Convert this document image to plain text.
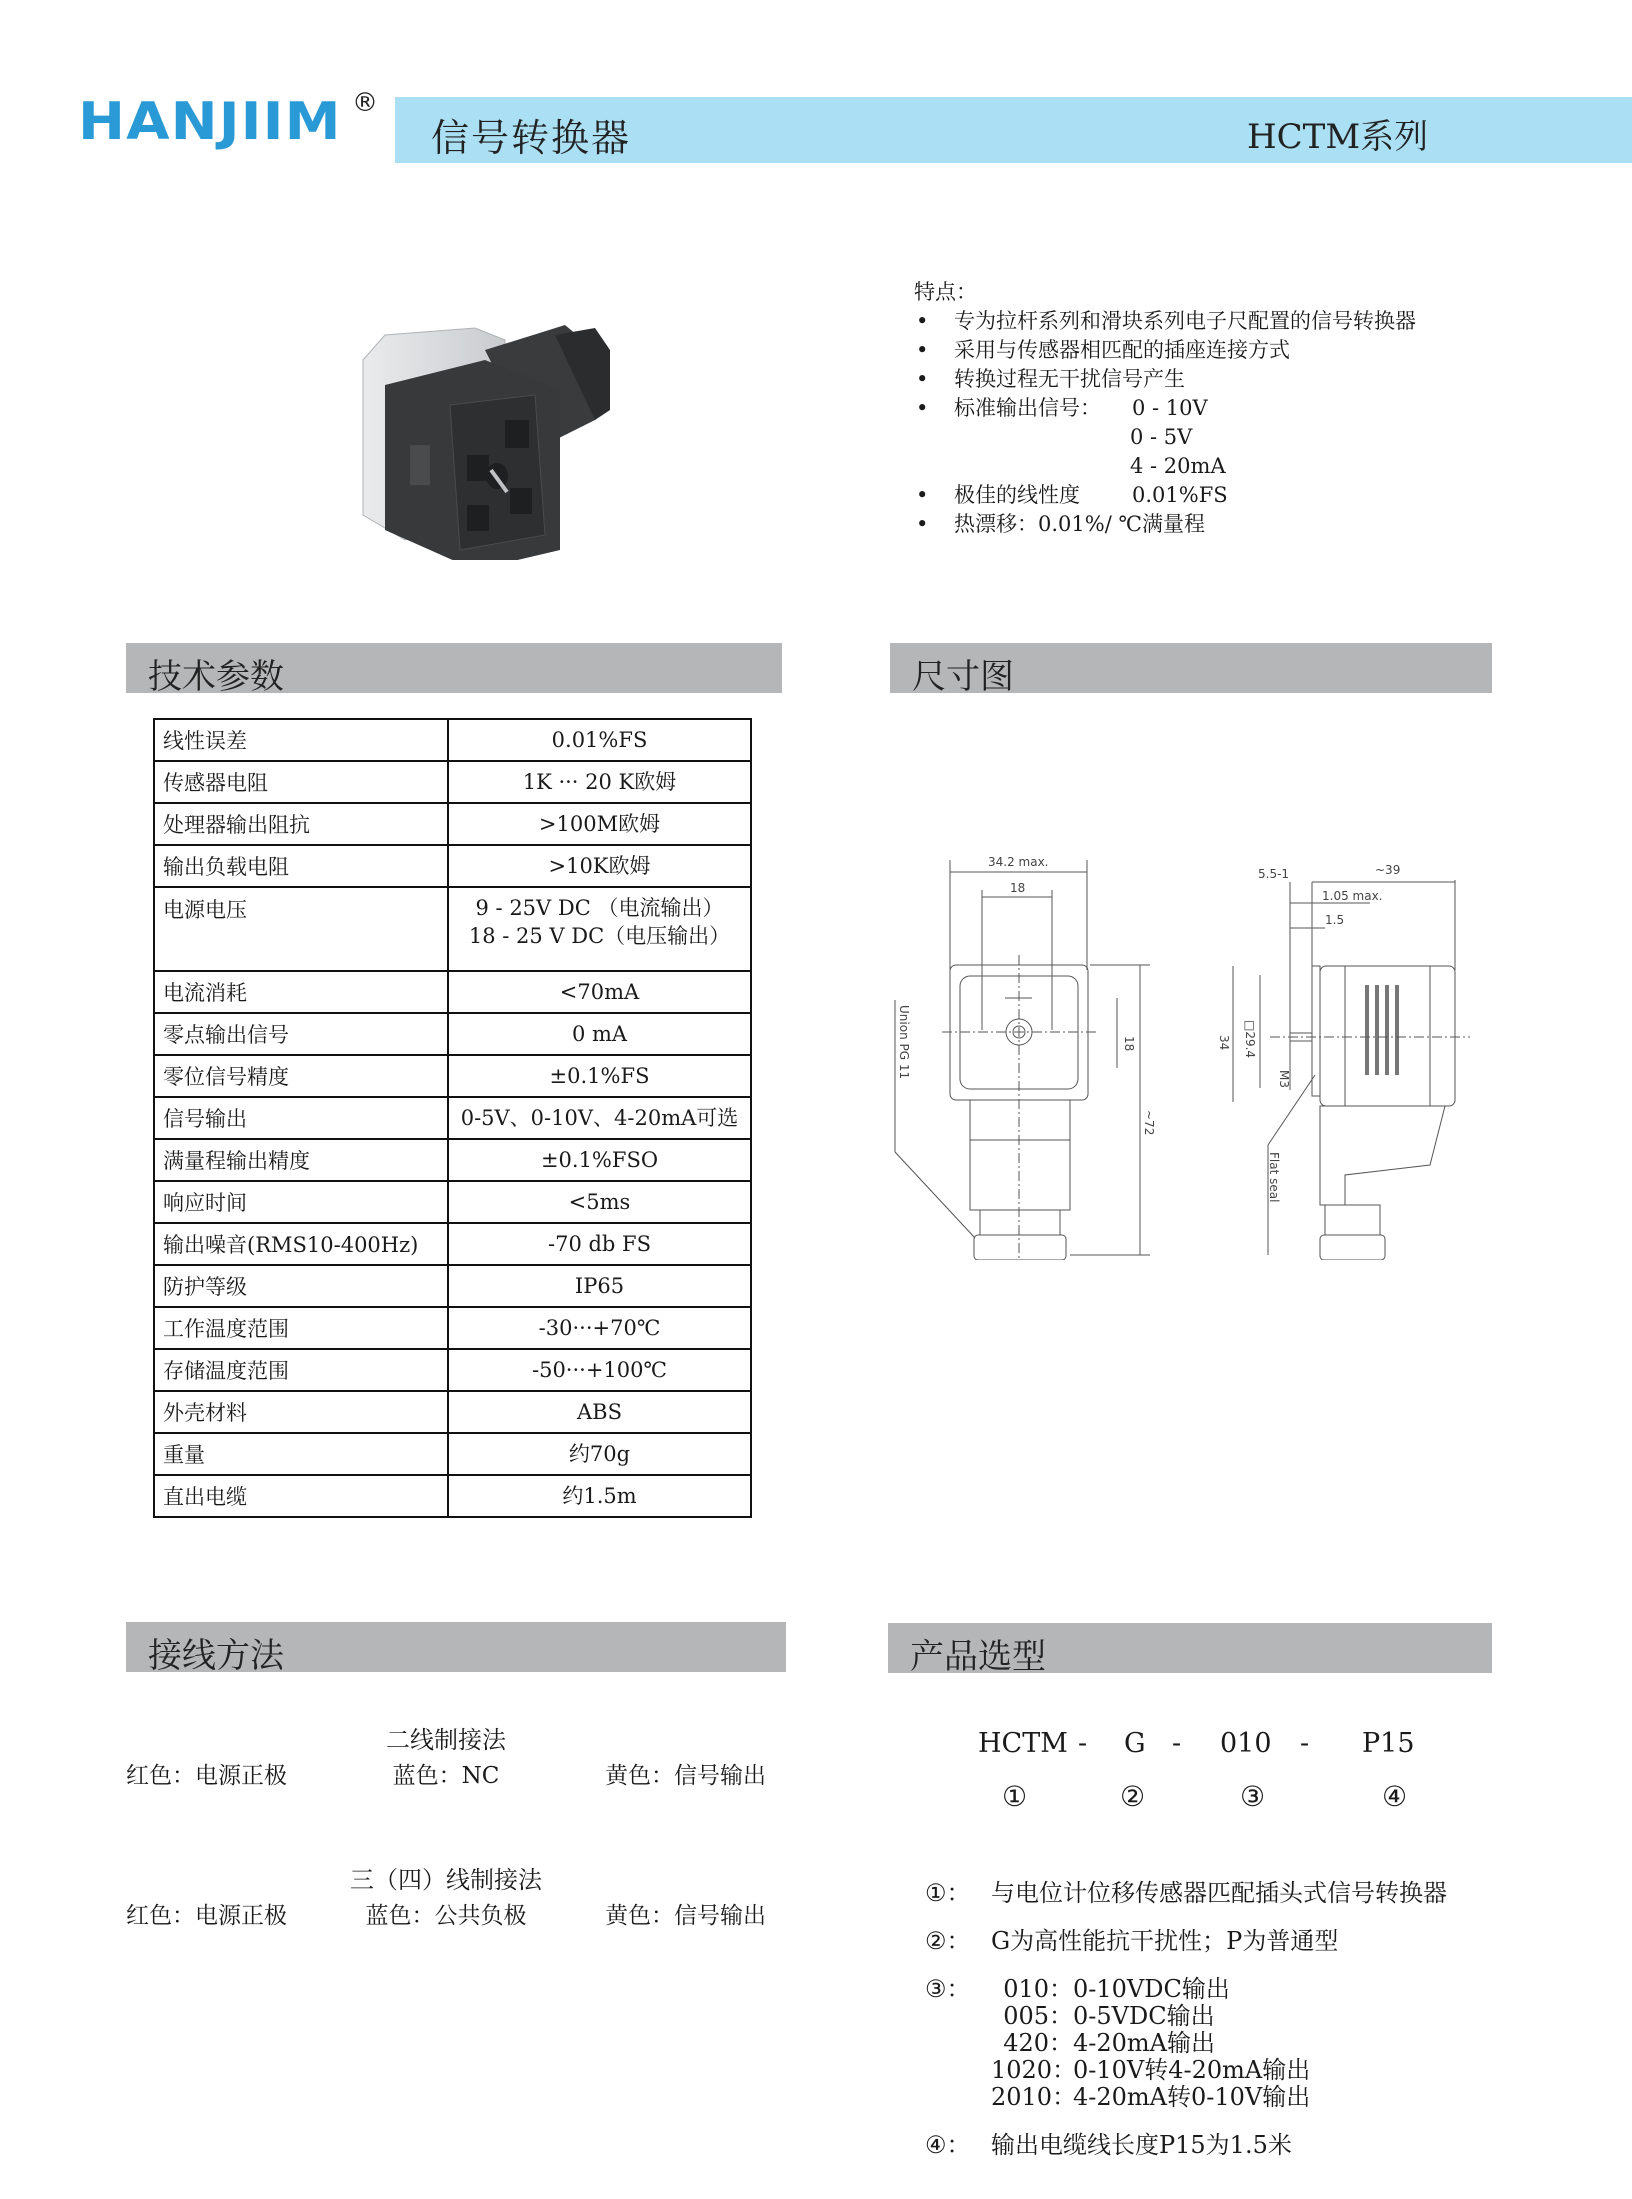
HANJIIM ®
信号转换器	HCTM系列
特点：
•	专为拉杆系列和滑块系列电子尺配置的信号转换器
•	采用与传感器相匹配的插座连接方式
•	转换过程无干扰信号产生
•	标准输出信号：	0 - 10V
0 - 5V
4 - 20mA
•	极佳的线性度	0.01%FS
•	热漂移：0.01%/ ℃满量程
技术参数	尺寸图
接线方法	产品选型
线性误差	0.01%FS

传感器电阻	1K ··· 20 K欧姆

处理器输出阻抗	>100M欧姆

输出负载电阻	>10K欧姆

电源电压	9 - 25V DC （电流输出）
18 - 25 V DC（电压输出）

电流消耗	<70mA

零点输出信号	0 mA

零位信号精度	±0.1%FS

信号输出	0-5V、0-10V、4-20mA可选

满量程输出精度	±0.1%FSO

响应时间	<5ms

输出噪音(RMS10-400Hz)	-70 db FS

防护等级	IP65

工作温度范围	-30···+70℃

存储温度范围	-50···+100℃

外壳材料	ABS

重量	约70g

直出电缆	约1.5m
34.2 max.
18
18
~72
Union PG 11
5.5-1	~39
1.05 max.
1.5
34 □29.4
M3
Flat seal
二线制接法
红色：电源正极	蓝色：NC	黄色：信号输出
三（四）线制接法
红色：电源正极	蓝色：公共负极	黄色：信号输出
HCTM - G - 010 - P15
①	②	③	④
①： 与电位计位移传感器匹配插头式信号转换器
②： G为高性能抗干扰性；P为普通型
③：	010： 0-10VDC输出
005： 0-5VDC输出
420： 4-20mA输出
1020：
0-10V转4-20mA输出
2010：
4-20mA转0-10V输出
④： 输出电缆线长度P15为1.5米
